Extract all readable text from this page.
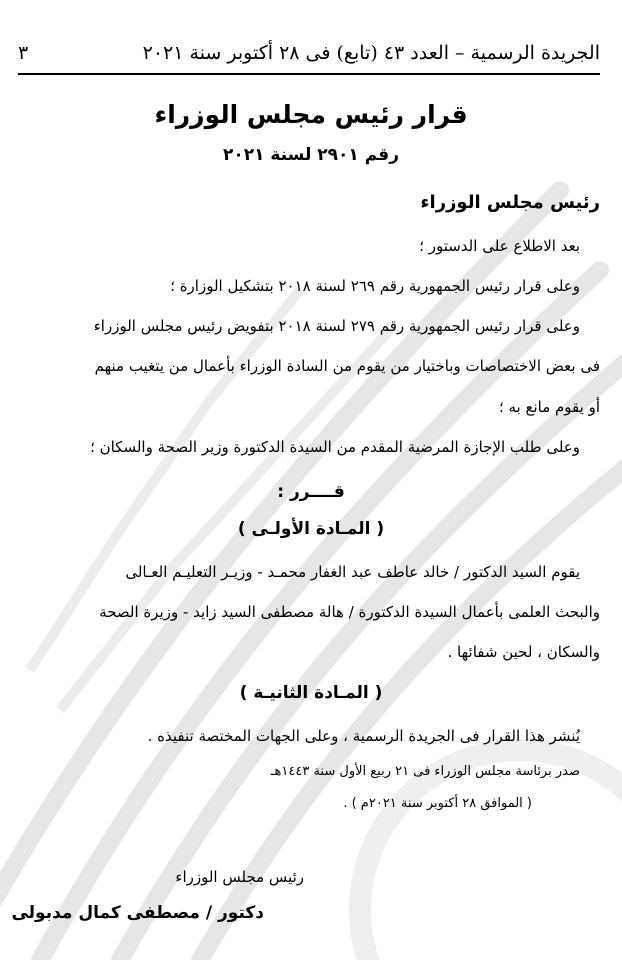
الجريدة الرسمية – العدد ٤٣ (تابع) فى ٢٨ أكتوبر سنة ٢٠٢١
٣
قرار رئيس مجلس الوزراء
رقم ٢٩٠١ لسنة ٢٠٢١
رئيس مجلس الوزراء
بعد الاطلاع على الدستور ؛
وعلى قرار رئيس الجمهورية رقم ٢٦٩ لسنة ٢٠١٨ بتشكيل الوزارة ؛
وعلى قرار رئيس الجمهورية رقم ٢٧٩ لسنة ٢٠١٨ بتفويض رئيس مجلس الوزراء
فى بعض الاختصاصات وباختيار من يقوم من السادة الوزراء بأعمال من يتغيب منهم
أو يقوم مانع به ؛
وعلى طلب الإجازة المرضية المقدم من السيدة الدكتورة وزير الصحة والسكان ؛
قــــرر :
( المـادة الأولـى )
يقوم السيد الدكتور / خالد عاطف عبد الغفار محمـد - وزيـر التعليـم العـالى
والبحث العلمى بأعمال السيدة الدكتورة / هالة مصطفى السيد زايد - وزيرة الصحة
والسكان ، لحين شفائها .
( المـادة الثانيـة )
يُنشر هذا القرار فى الجريدة الرسمية ، وعلى الجهات المختصة تنفيذه .
صدر برئاسة مجلس الوزراء فى ٢١ ربيع الأول سنة ١٤٤٣هـ
( الموافق ٢٨ أكتوبر سنة ٢٠٢١م ) .
رئيس مجلس الوزراء
دكتور / مصطفى كمال مدبولى
